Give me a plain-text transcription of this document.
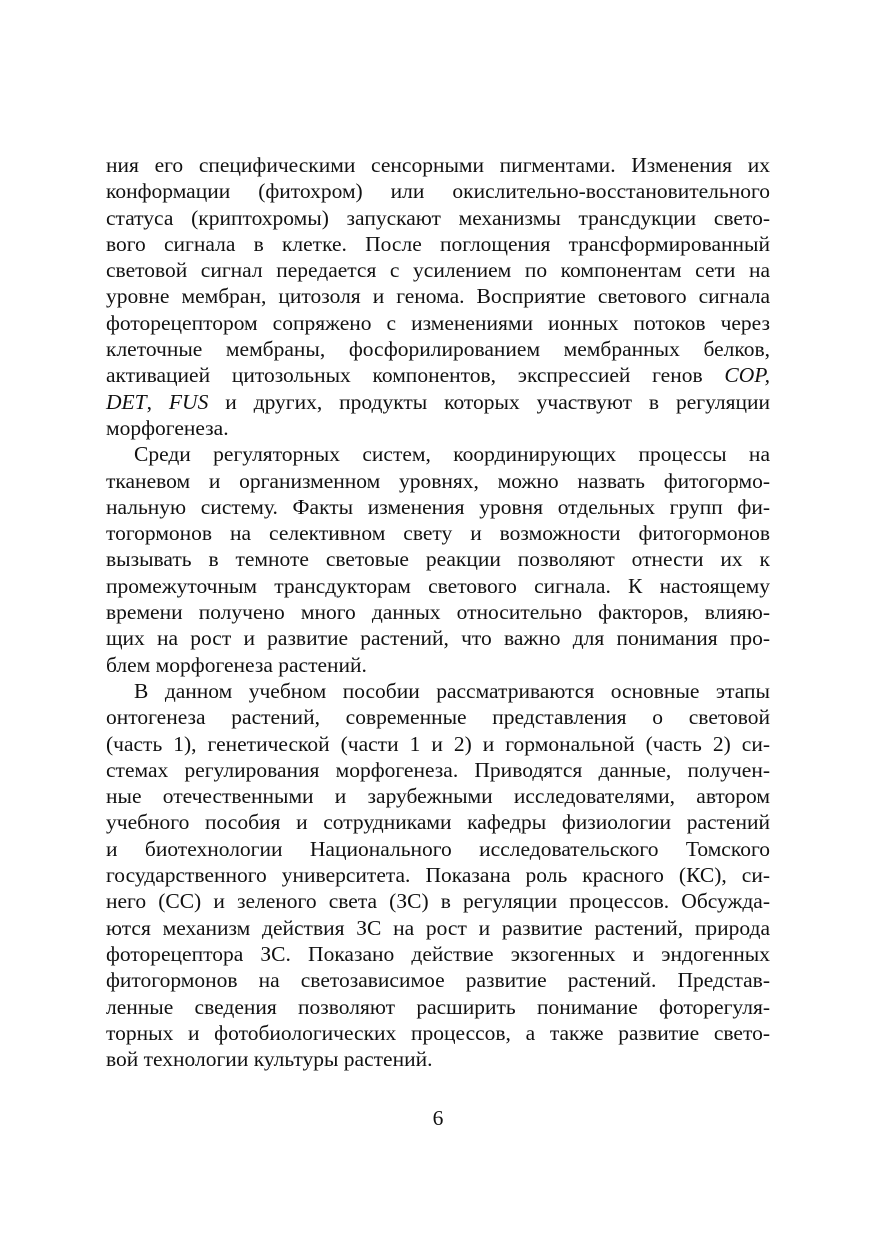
ния его специфическими сенсорными пигментами. Изменения их
конформации (фитохром) или окислительно-восстановительного
статуса (криптохромы) запускают механизмы трансдукции свето-
вого сигнала в клетке. После поглощения трансформированный
световой сигнал передается с усилением по компонентам сети на
уровне мембран, цитозоля и генома. Восприятие светового сигнала
фоторецептором сопряжено с изменениями ионных потоков через
клеточные мембраны, фосфорилированием мембранных белков,
активацией цитозольных компонентов, экспрессией генов COP,
DET, FUS и других, продукты которых участвуют в регуляции
морфогенеза.
Среди регуляторных систем, координирующих процессы на
тканевом и организменном уровнях, можно назвать фитогормо-
нальную систему. Факты изменения уровня отдельных групп фи-
тогормонов на селективном свету и возможности фитогормонов
вызывать в темноте световые реакции позволяют отнести их к
промежуточным трансдукторам светового сигнала. К настоящему
времени получено много данных относительно факторов, влияю-
щих на рост и развитие растений, что важно для понимания про-
блем морфогенеза растений.
В данном учебном пособии рассматриваются основные этапы
онтогенеза растений, современные представления о световой
(часть 1), генетической (части 1 и 2) и гормональной (часть 2) си-
стемах регулирования морфогенеза. Приводятся данные, получен-
ные отечественными и зарубежными исследователями, автором
учебного пособия и сотрудниками кафедры физиологии растений
и биотехнологии Национального исследовательского Томского
государственного университета. Показана роль красного (КС), си-
него (СС) и зеленого света (ЗС) в регуляции процессов. Обсужда-
ются механизм действия ЗС на рост и развитие растений, природа
фоторецептора ЗС. Показано действие экзогенных и эндогенных
фитогормонов на светозависимое развитие растений. Представ-
ленные сведения позволяют расширить понимание фоторегуля-
торных и фотобиологических процессов, а также развитие свето-
вой технологии культуры растений.
6
